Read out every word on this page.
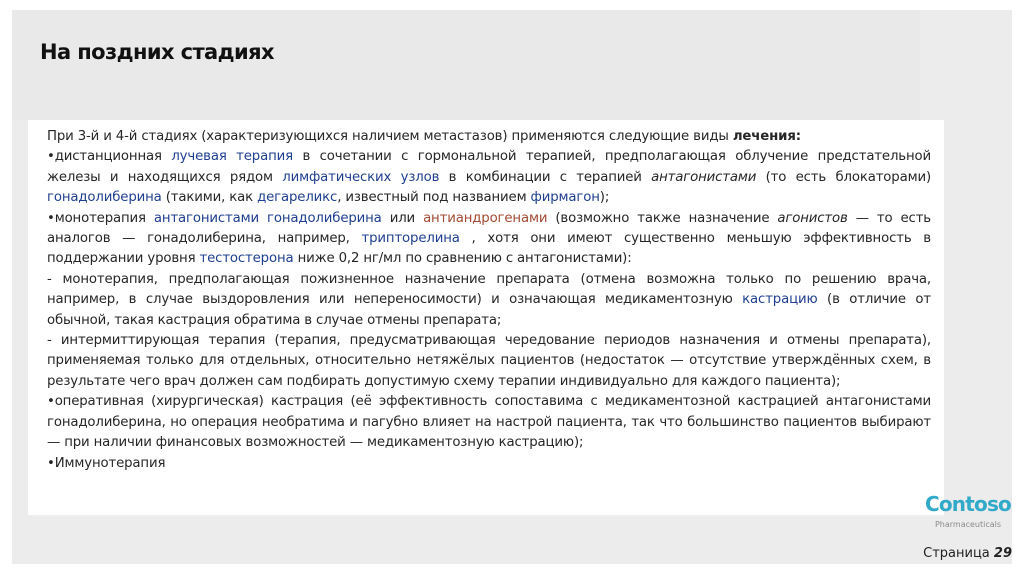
На поздних стадиях

При 3-й и 4-й стадиях (характеризующихся наличием метастазов) применяются следующие виды лечения:

•дистанционная лучевая терапия в сочетании с гормональной терапией, предполагающая облучение предстательной железы и находящихся рядом лимфатических узлов в комбинации с терапией антагонистами (то есть блокаторами) гонадолиберина (такими, как дегареликс, известный под названием фирмагон);

•монотерапия антагонистами гонадолиберина или антиандрогенами (возможно также назначение агонистов — то есть аналогов — гонадолиберина, например, трипторелина , хотя они имеют существенно меньшую эффективность в поддержании уровня тестостерона ниже 0,2 нг/мл по сравнению с антагонистами):

- монотерапия, предполагающая пожизненное назначение препарата (отмена возможна только по решению врача, например, в случае выздоровления или непереносимости) и означающая медикаментозную кастрацию (в отличие от обычной, такая кастрация обратима в случае отмены препарата;

- интермиттирующая терапия (терапия, предусматривающая чередование периодов назначения и отмены препарата), применяемая только для отдельных, относительно нетяжёлых пациентов (недостаток — отсутствие утверждённых схем, в результате чего врач должен сам подбирать допустимую схему терапии индивидуально для каждого пациента);

•оперативная (хирургическая) кастрация (её эффективность сопоставима с медикаментозной кастрацией антагонистами гонадолиберина, но операция необратима и пагубно влияет на настрой пациента, так что большинство пациентов выбирают — при наличии финансовых возможностей — медикаментозную кастрацию);

•Иммунотерапия

Contoso
Pharmaceuticals
Страница 29
